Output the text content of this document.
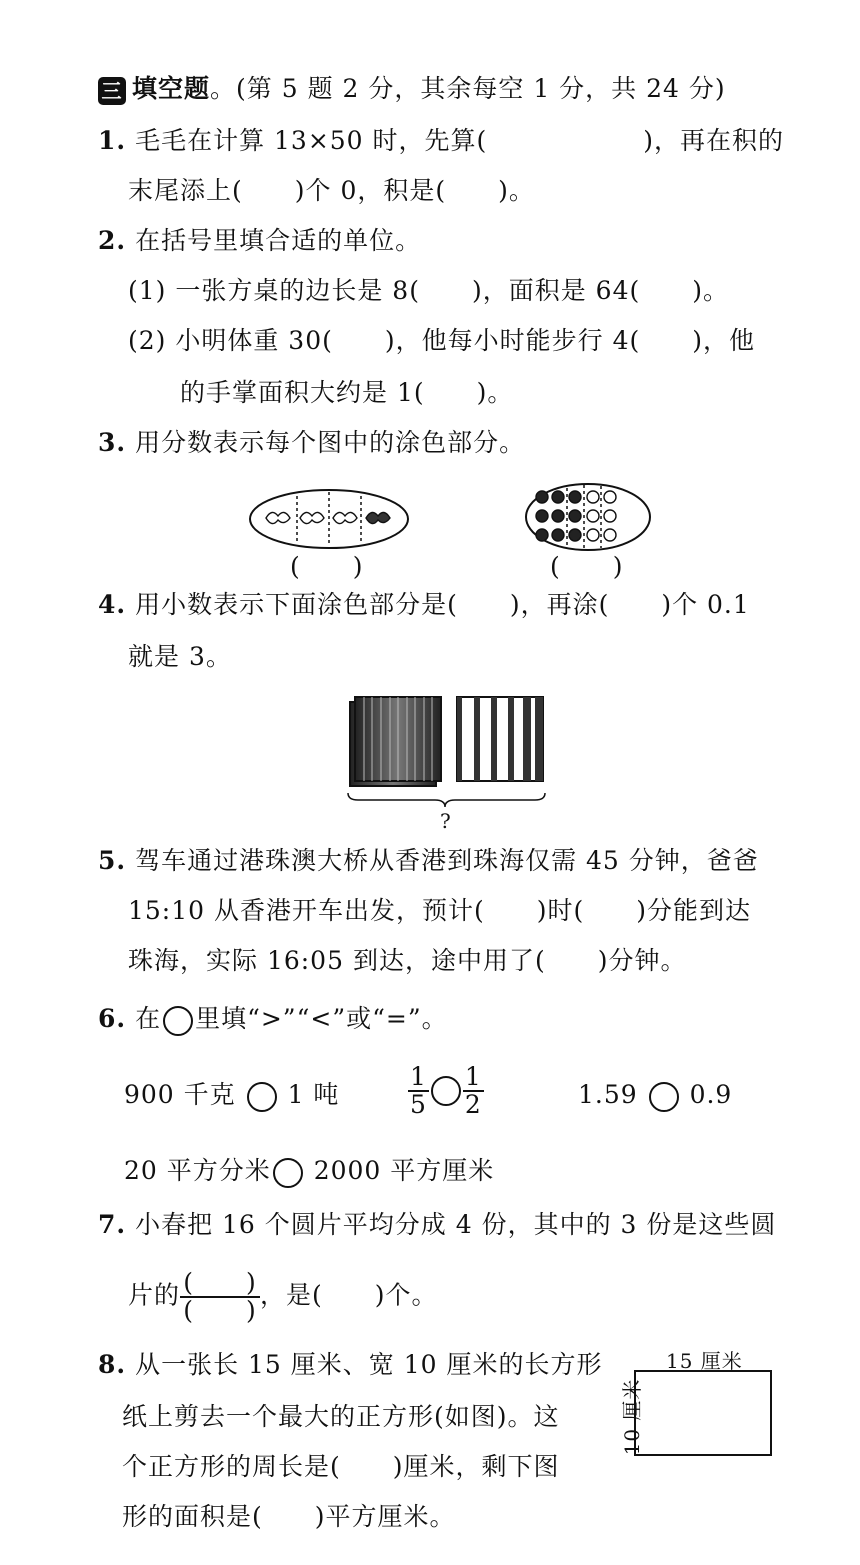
三 填空题。(第 5 题 2 分，其余每空 1 分，共 24 分)
1. 毛毛在计算 13×50 时，先算(　　　　　　)，再在积的
末尾添上(　　)个 0，积是(　　)。
2. 在括号里填合适的单位。
(1) 一张方桌的边长是 8(　　)，面积是 64(　　)。
(2) 小明体重 30(　　)，他每小时能步行 4(　　)，他
的手掌面积大约是 1(　　)。
3. 用分数表示每个图中的涂色部分。
(　　)	(　　)
4. 用小数表示下面涂色部分是(　　)，再涂(　　)个 0.1
就是 3。
?
5. 驾车通过港珠澳大桥从香港到珠海仅需 45 分钟，爸爸
15:10 从香港开车出发，预计(　　)时(　　)分能到达
珠海，实际 16:05 到达，途中用了(　　)分钟。
6. 在 里填“>”“<”或“=”。
900 千克 1 吨	$\frac{1}{5} \frac{1}{2}$	1.59 0.9
20 平方分米 2000 平方厘米
7. 小春把 16 个圆片平均分成 4 份，其中的 3 份是这些圆
片的 $\frac{( )}{( )}$ ，是(　　)个。
8. 从一张长 15 厘米、宽 10 厘米的长方形
纸上剪去一个最大的正方形(如图)。这
个正方形的周长是(　　)厘米，剩下图
形的面积是(　　)平方厘米。
15 厘米
10 厘米
